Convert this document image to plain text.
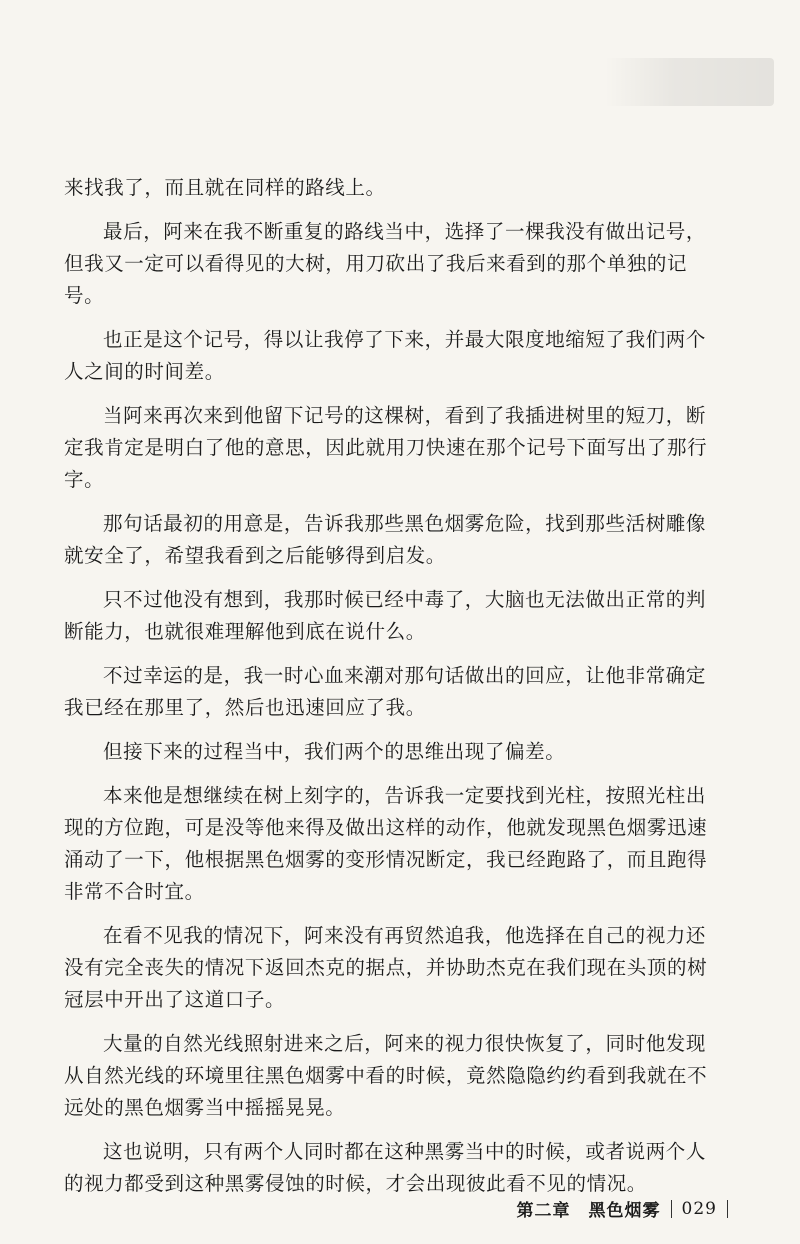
来找我了，而且就在同样的路线上。

最后，阿来在我不断重复的路线当中，选择了一棵我没有做出记号，但我又一定可以看得见的大树，用刀砍出了我后来看到的那个单独的记号。

也正是这个记号，得以让我停了下来，并最大限度地缩短了我们两个人之间的时间差。

当阿来再次来到他留下记号的这棵树，看到了我插进树里的短刀，断定我肯定是明白了他的意思，因此就用刀快速在那个记号下面写出了那行字。

那句话最初的用意是，告诉我那些黑色烟雾危险，找到那些活树雕像就安全了，希望我看到之后能够得到启发。

只不过他没有想到，我那时候已经中毒了，大脑也无法做出正常的判断能力，也就很难理解他到底在说什么。

不过幸运的是，我一时心血来潮对那句话做出的回应，让他非常确定我已经在那里了，然后也迅速回应了我。

但接下来的过程当中，我们两个的思维出现了偏差。

本来他是想继续在树上刻字的，告诉我一定要找到光柱，按照光柱出现的方位跑，可是没等他来得及做出这样的动作，他就发现黑色烟雾迅速涌动了一下，他根据黑色烟雾的变形情况断定，我已经跑路了，而且跑得非常不合时宜。

在看不见我的情况下，阿来没有再贸然追我，他选择在自己的视力还没有完全丧失的情况下返回杰克的据点，并协助杰克在我们现在头顶的树冠层中开出了这道口子。

大量的自然光线照射进来之后，阿来的视力很快恢复了，同时他发现从自然光线的环境里往黑色烟雾中看的时候，竟然隐隐约约看到我就在不远处的黑色烟雾当中摇摇晃晃。

这也说明，只有两个人同时都在这种黑雾当中的时候，或者说两个人的视力都受到这种黑雾侵蚀的时候，才会出现彼此看不见的情况。

第二章　黑色烟雾 029
